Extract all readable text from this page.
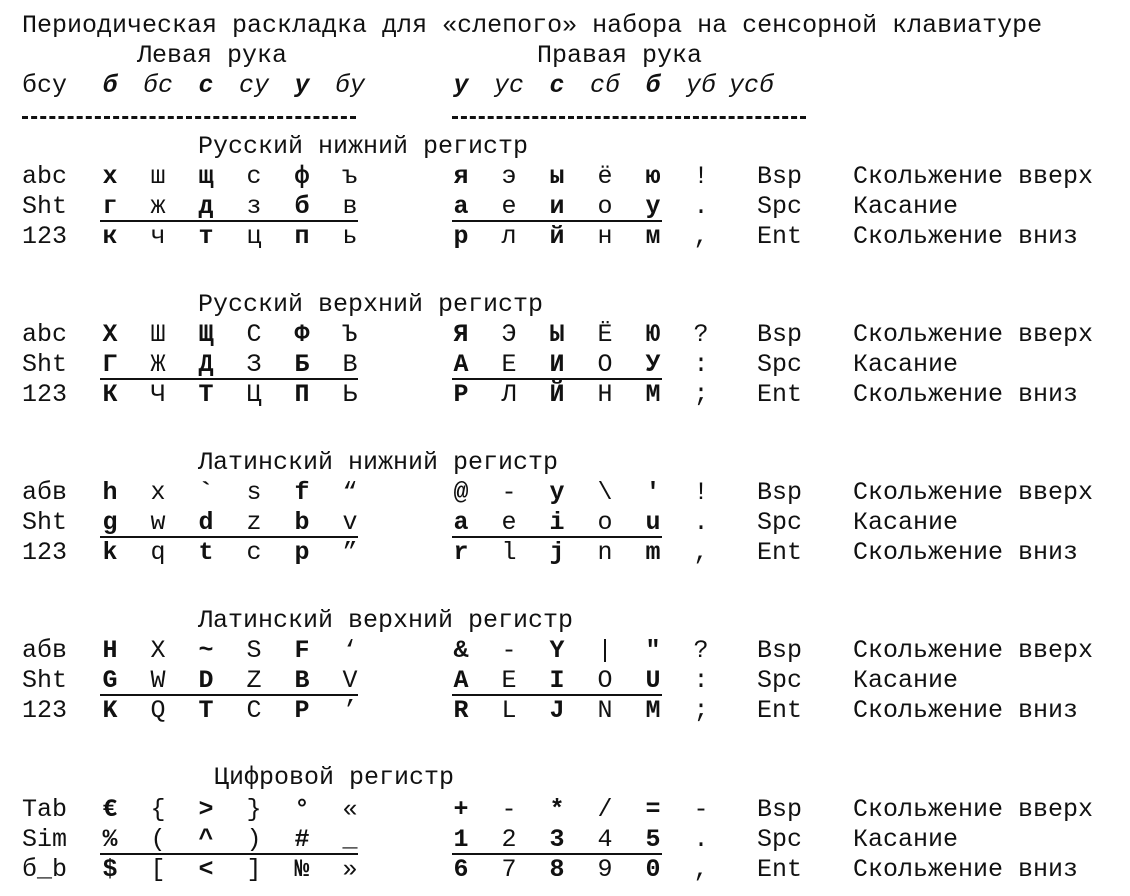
Периодическая раскладка для «слепого» набора на сенсорной клавиатуре
Левая рука	Правая рука
бсу	б	бс	с	су	у	бу	у	ус	с	сб	б	уб усб
Русский нижний регистр
abc	х	ш	щ	с	ф	ъ	я	э	ы	ё	ю	!	Bsp Скольжение вверх
Sht	г	ж	д	з	б	в	а	е	и	о	у	.	Spc Касание
123	к	ч	т	ц	п	ь	р	л	й	н	м	,	Ent Скольжение вниз
Русский верхний регистр
abc	Х	Ш	Щ	С	Ф	Ъ	Я	Э	Ы	Ё	Ю	?	Bsp Скольжение вверх
Sht	Г	Ж	Д	З	Б	В	А	Е	И	О	У	:	Spc Касание
123	К	Ч	Т	Ц	П	Ь	Р	Л	Й	Н	М	;	Ent Скольжение вниз
Латинский нижний регистр
абв	h	x	`	s	f	“	@	-	y	\	'	!	Bsp Скольжение вверх
Sht	g	w	d	z	b	v	a	e	i	o	u	.	Spc Касание
123	k	q	t	c	p	”	r	l	j	n	m	,	Ent Скольжение вниз
Латинский верхний регистр
абв	H	X	~	S	F	‘	&	-	Y	|	"	?	Bsp Скольжение вверх
Sht	G	W	D	Z	B	V	A	E	I	O	U	:	Spc Касание
123	K	Q	T	C	P	’	R	L	J	N	M	;	Ent Скольжение вниз
Цифровой регистр
Tab	€	{	>	}	°	«	+	-	*	/	=	-	Bsp Скольжение вверх
Sim	%	(	^	)	#	_	1	2	3	4	5	.	Spc Касание
б_b	$	[	<	]	№	»	6	7	8	9	0	,	Ent Скольжение вниз
